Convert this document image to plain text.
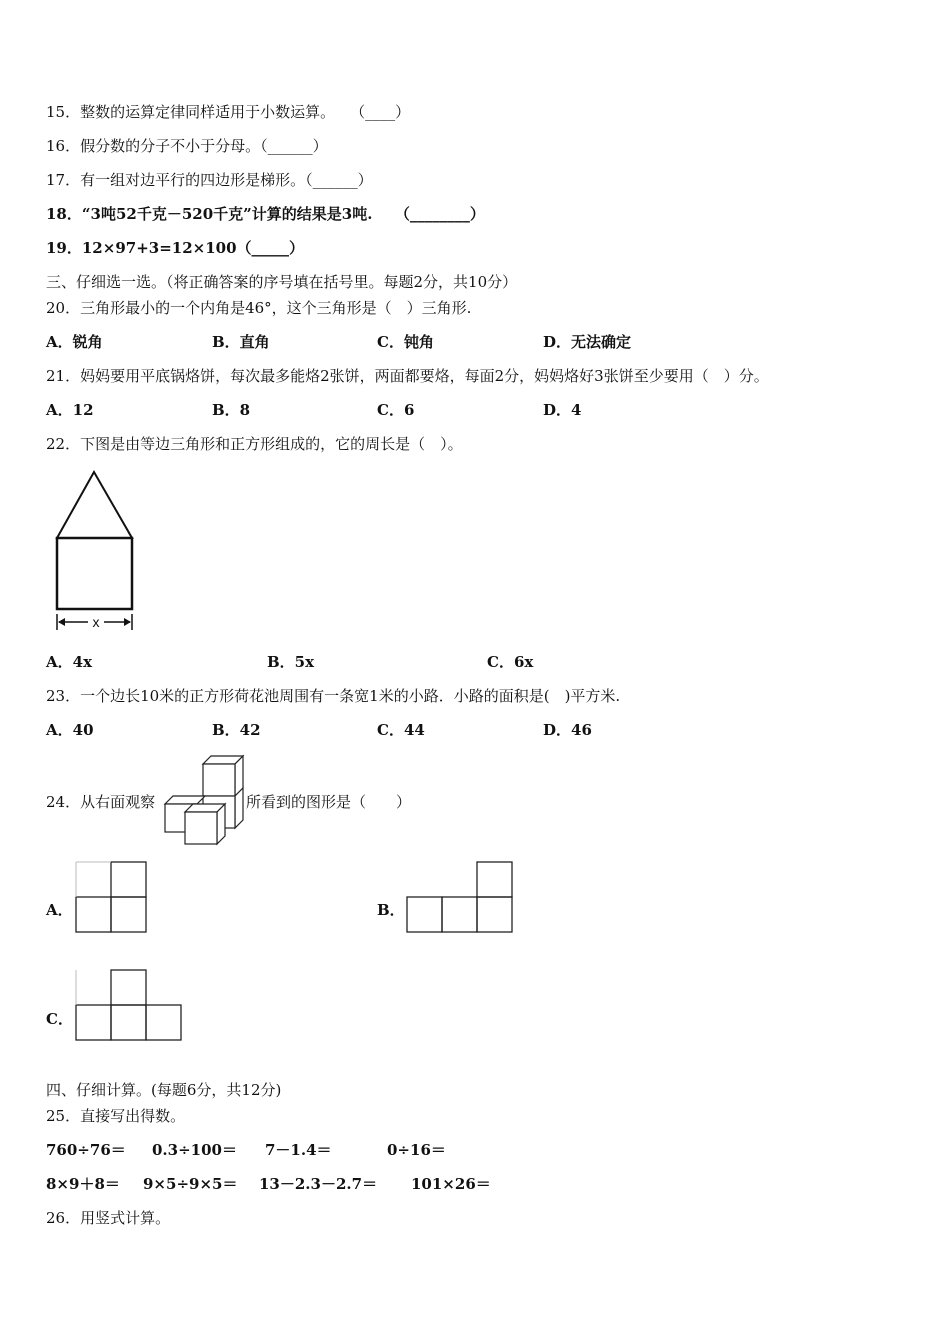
15．整数的运算定律同样适用于小数运算。　　（____）
16．假分数的分子不小于分母。（______）
17．有一组对边平行的四边形是梯形。（______）
18．“3吨52千克－520千克”计算的结果是3吨.　　（________）
19．12×97+3=12×100（_____）
三、仔细选一选。（将正确答案的序号填在括号里。每题2分，共10分）
20．三角形最小的一个内角是46°，这个三角形是（　）三角形.
A．锐角	B．直角	C．钝角	D．无法确定
21．妈妈要用平底锅烙饼，每次最多能烙2张饼，两面都要烙，每面2分，妈妈烙好3张饼至少要用（　）分。
A．12	B．8	C．6	D．4
22．下图是由等边三角形和正方形组成的，它的周长是（　）。
x
A．4x	B．5x	C．6x
23．一个边长10米的正方形荷花池周围有一条宽1米的小路．小路的面积是(　)平方米.
A．40	B．42	C．44	D．46
24．从右面观察	所看到的图形是（　　）
A．	B．
C．
四、仔细计算。(每题6分，共12分)
25．直接写出得数。
760÷76＝ 0.3÷100＝ 7－1.4＝	0÷16＝
8×9＋8＝ 9×5÷9×5＝ 13－2.3－2.7＝ 101×26＝
26．用竖式计算。
